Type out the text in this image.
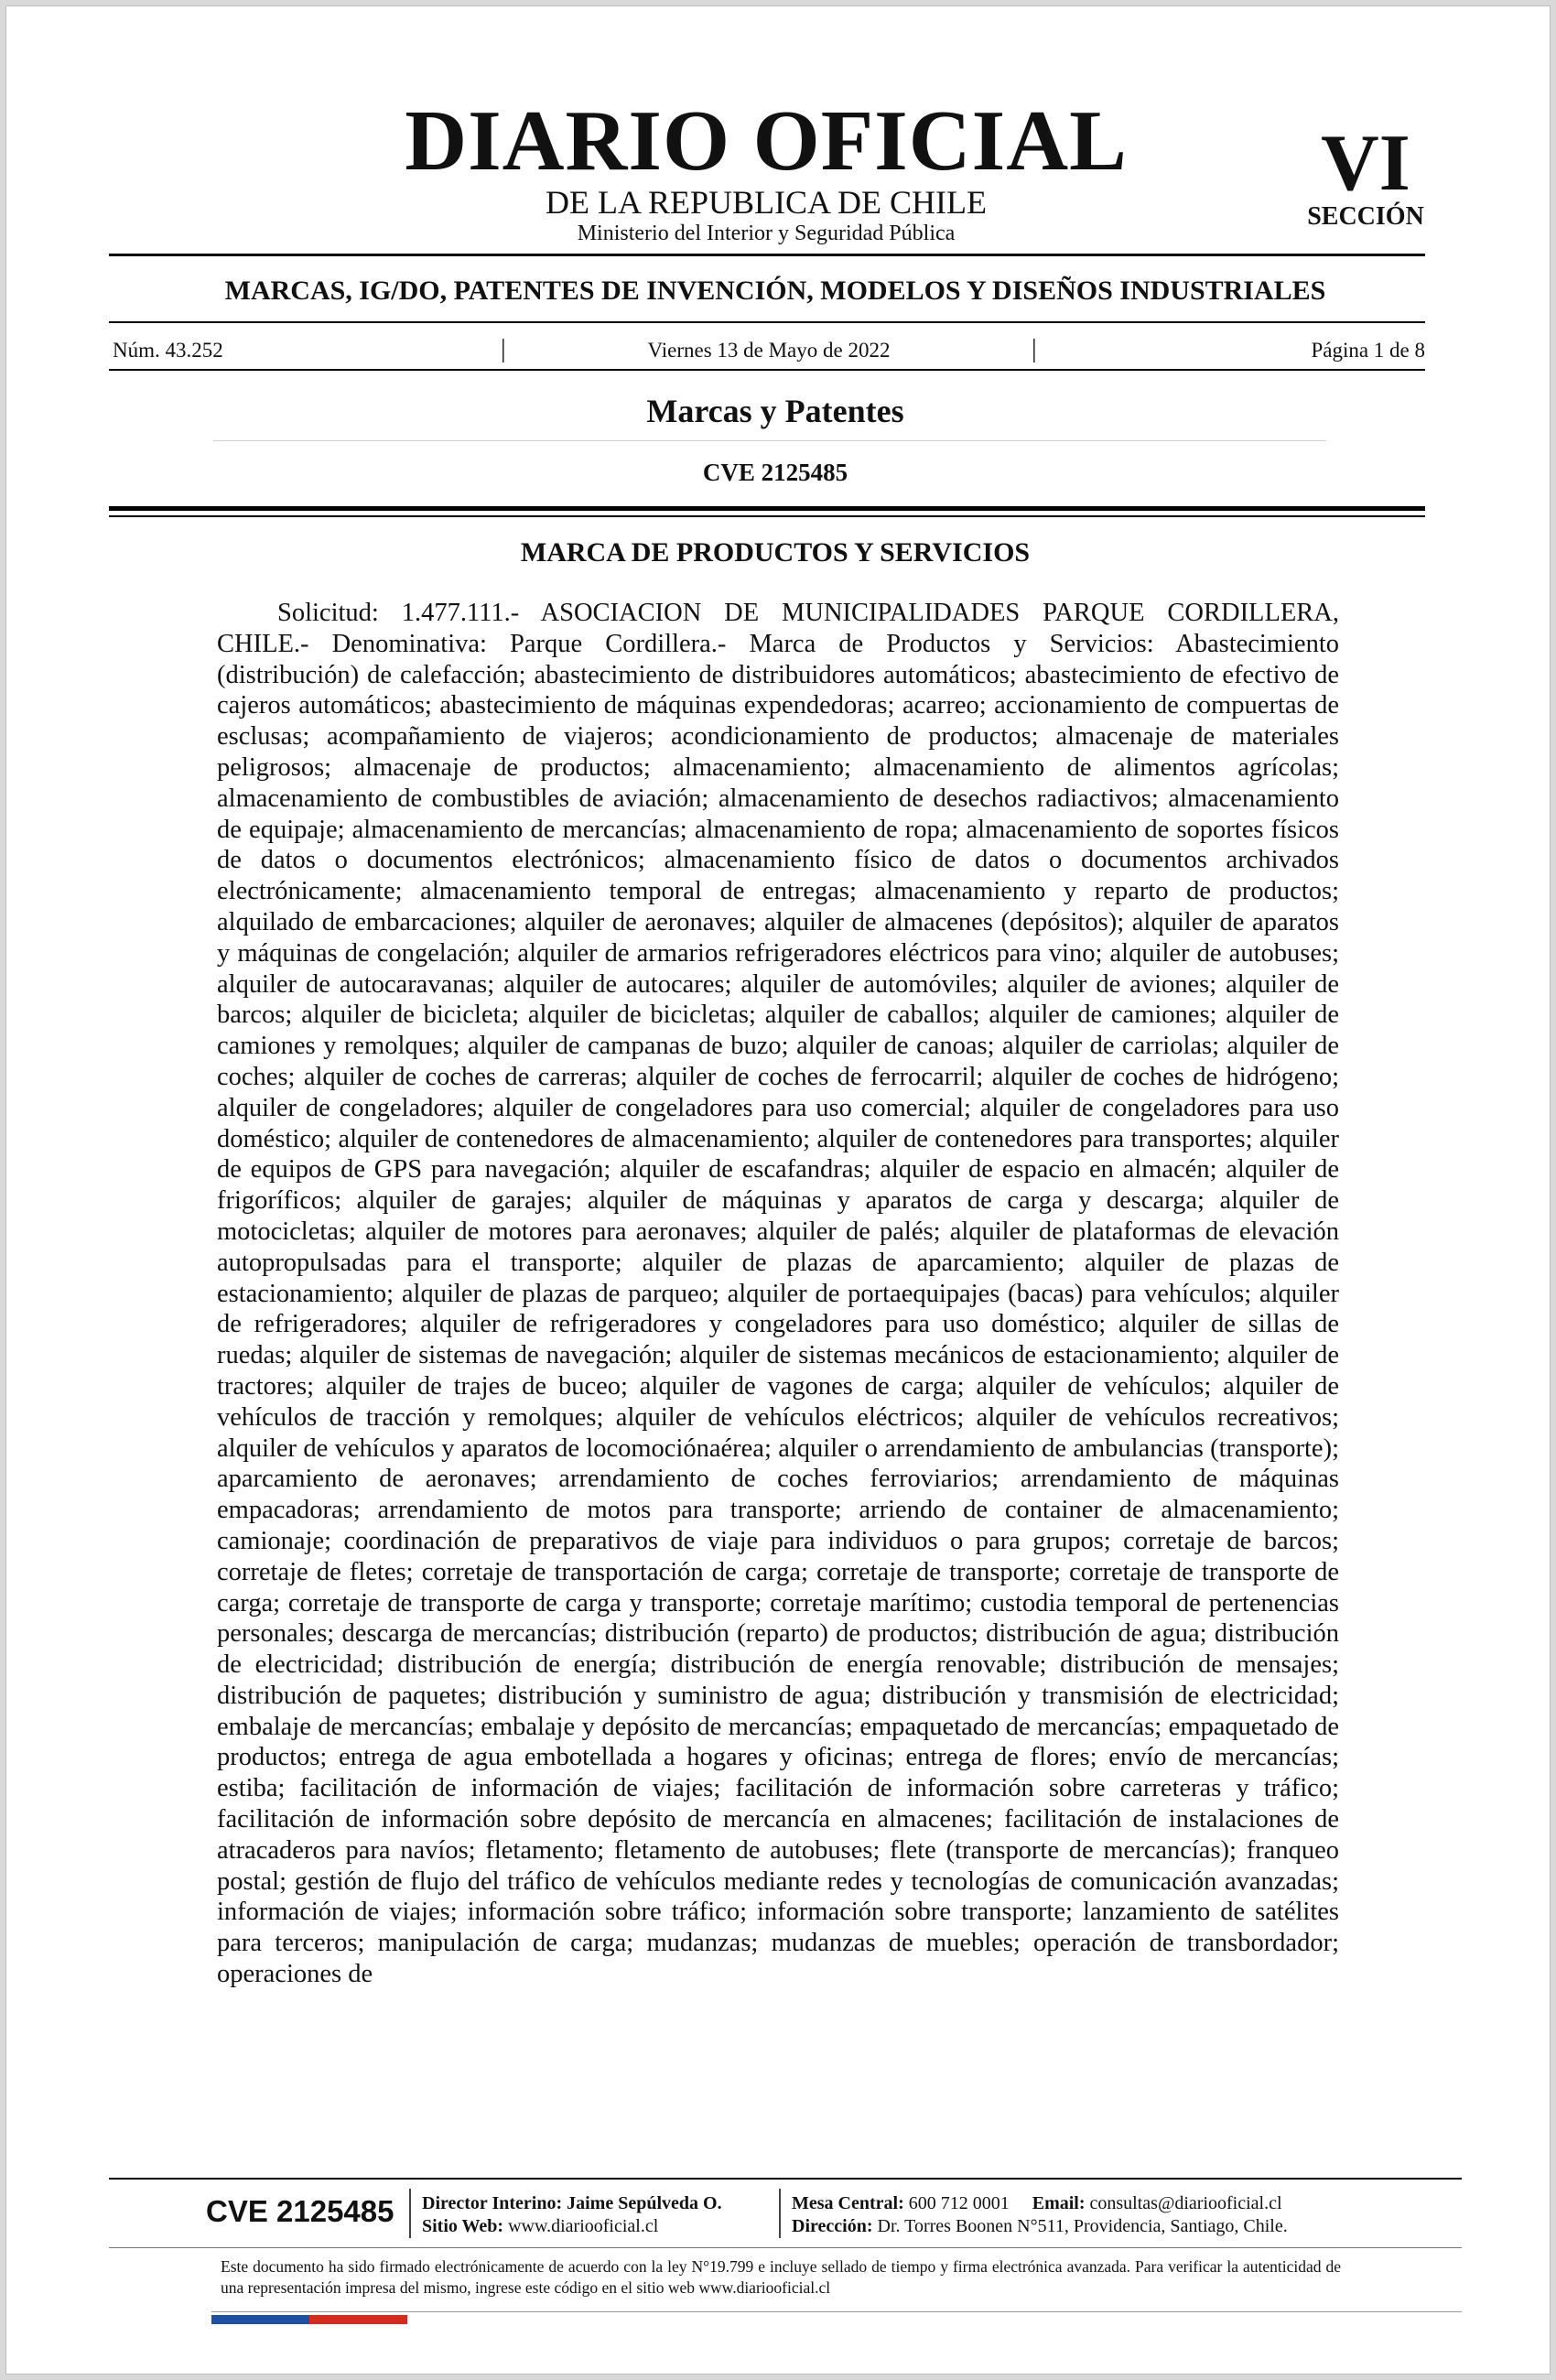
DIARIO OFICIAL
DE LA REPUBLICA DE CHILE
Ministerio del Interior y Seguridad Pública
VI
SECCIÓN
MARCAS, IG/DO, PATENTES DE INVENCIÓN, MODELOS Y DISEÑOS INDUSTRIALES
Núm. 43.252	|	Viernes 13 de Mayo de 2022	|	Página 1 de 8
Marcas y Patentes
CVE 2125485
MARCA DE PRODUCTOS Y SERVICIOS

Solicitud: 1.477.111.- ASOCIACION DE MUNICIPALIDADES PARQUE CORDILLERA, CHILE.- Denominativa: Parque Cordillera.- Marca de Productos y Servicios: Abastecimiento (distribución) de calefacción; abastecimiento de distribuidores automáticos; abastecimiento de efectivo de cajeros automáticos; abastecimiento de máquinas expendedoras; acarreo; accionamiento de compuertas de esclusas; acompañamiento de viajeros; acondicionamiento de productos; almacenaje de materiales peligrosos; almacenaje de productos; almacenamiento; almacenamiento de alimentos agrícolas; almacenamiento de combustibles de aviación; almacenamiento de desechos radiactivos; almacenamiento de equipaje; almacenamiento de mercancías; almacenamiento de ropa; almacenamiento de soportes físicos de datos o documentos electrónicos; almacenamiento físico de datos o documentos archivados electrónicamente; almacenamiento temporal de entregas; almacenamiento y reparto de productos; alquilado de embarcaciones; alquiler de aeronaves; alquiler de almacenes (depósitos); alquiler de aparatos y máquinas de congelación; alquiler de armarios refrigeradores eléctricos para vino; alquiler de autobuses; alquiler de autocaravanas; alquiler de autocares; alquiler de automóviles; alquiler de aviones; alquiler de barcos; alquiler de bicicleta; alquiler de bicicletas; alquiler de caballos; alquiler de camiones; alquiler de camiones y remolques; alquiler de campanas de buzo; alquiler de canoas; alquiler de carriolas; alquiler de coches; alquiler de coches de carreras; alquiler de coches de ferrocarril; alquiler de coches de hidrógeno; alquiler de congeladores; alquiler de congeladores para uso comercial; alquiler de congeladores para uso doméstico; alquiler de contenedores de almacenamiento; alquiler de contenedores para transportes; alquiler de equipos de GPS para navegación; alquiler de escafandras; alquiler de espacio en almacén; alquiler de frigoríficos; alquiler de garajes; alquiler de máquinas y aparatos de carga y descarga; alquiler de motocicletas; alquiler de motores para aeronaves; alquiler de palés; alquiler de plataformas de elevación autopropulsadas para el transporte; alquiler de plazas de aparcamiento; alquiler de plazas de estacionamiento; alquiler de plazas de parqueo; alquiler de portaequipajes (bacas) para vehículos; alquiler de refrigeradores; alquiler de refrigeradores y congeladores para uso doméstico; alquiler de sillas de ruedas; alquiler de sistemas de navegación; alquiler de sistemas mecánicos de estacionamiento; alquiler de tractores; alquiler de trajes de buceo; alquiler de vagones de carga; alquiler de vehículos; alquiler de vehículos de tracción y remolques; alquiler de vehículos eléctricos; alquiler de vehículos recreativos; alquiler de vehículos y aparatos de locomociónaérea; alquiler o arrendamiento de ambulancias (transporte); aparcamiento de aeronaves; arrendamiento de coches ferroviarios; arrendamiento de máquinas empacadoras; arrendamiento de motos para transporte; arriendo de container de almacenamiento; camionaje; coordinación de preparativos de viaje para individuos o para grupos; corretaje de barcos; corretaje de fletes; corretaje de transportación de carga; corretaje de transporte; corretaje de transporte de carga; corretaje de transporte de carga y transporte; corretaje marítimo; custodia temporal de pertenencias personales; descarga de mercancías; distribución (reparto) de productos; distribución de agua; distribución de electricidad; distribución de energía; distribución de energía renovable; distribución de mensajes; distribución de paquetes; distribución y suministro de agua; distribución y transmisión de electricidad; embalaje de mercancías; embalaje y depósito de mercancías; empaquetado de mercancías; empaquetado de productos; entrega de agua embotellada a hogares y oficinas; entrega de flores; envío de mercancías; estiba; facilitación de información de viajes; facilitación de información sobre carreteras y tráfico; facilitación de información sobre depósito de mercancía en almacenes; facilitación de instalaciones de atracaderos para navíos; fletamento; fletamento de autobuses; flete (transporte de mercancías); franqueo postal; gestión de flujo del tráfico de vehículos mediante redes y tecnologías de comunicación avanzadas; información de viajes; información sobre tráfico; información sobre transporte; lanzamiento de satélites para terceros; manipulación de carga; mudanzas; mudanzas de muebles; operación de transbordador; operaciones de

CVE 2125485 Director Interino: Jaime Sepúlveda O.
Sitio Web: www.diariooficial.cl
Mesa Central: 600 712 0001 Email: consultas@diariooficial.cl
Dirección: Dr. Torres Boonen N°511, Providencia, Santiago, Chile.

Este documento ha sido firmado electrónicamente de acuerdo con la ley N°19.799 e incluye sellado de tiempo y firma electrónica avanzada. Para verificar la autenticidad de una representación impresa del mismo, ingrese este código en el sitio web www.diariooficial.cl
